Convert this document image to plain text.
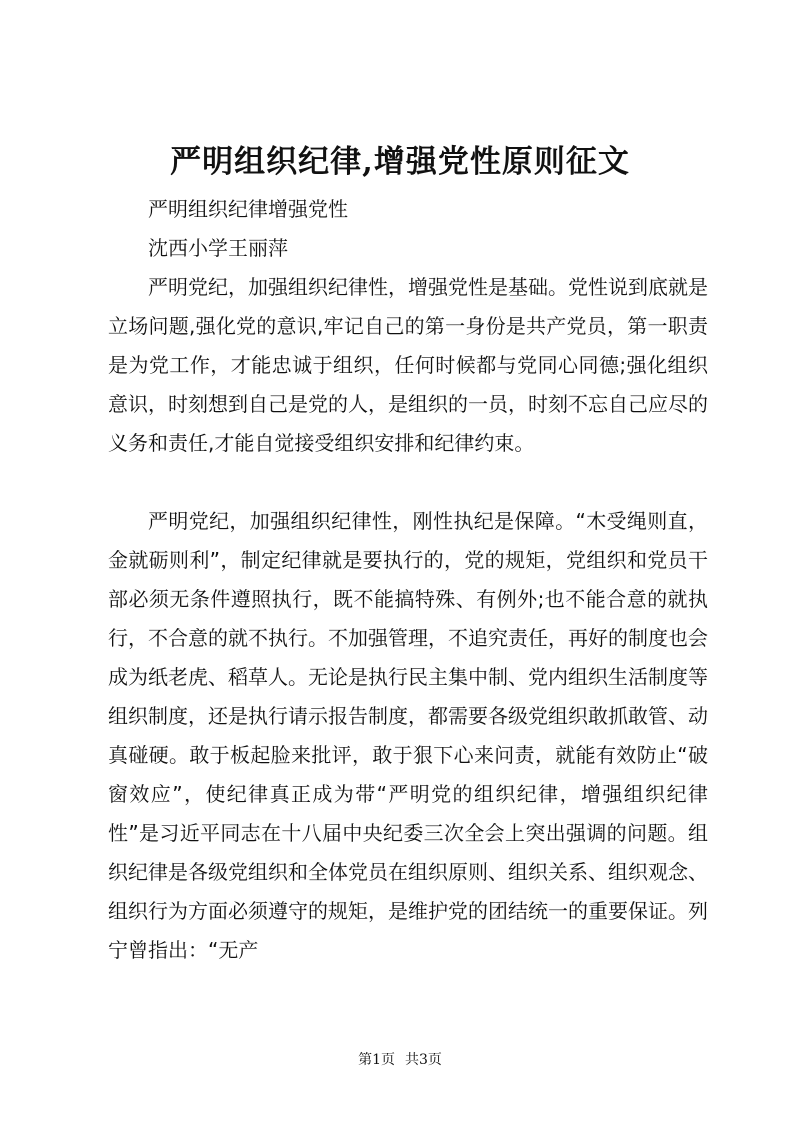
严明组织纪律,增强党性原则征文

严明组织纪律增强党性

沈西小学王丽萍

严明党纪，加强组织纪律性，增强党性是基础。党性说到底就是立场问题,强化党的意识,牢记自己的第一身份是共产党员，第一职责是为党工作，才能忠诚于组织，任何时候都与党同心同德;强化组织意识，时刻想到自己是党的人，是组织的一员，时刻不忘自己应尽的义务和责任,才能自觉接受组织安排和纪律约束。

严明党纪，加强组织纪律性，刚性执纪是保障。“木受绳则直，金就砺则利”，制定纪律就是要执行的，党的规矩，党组织和党员干部必须无条件遵照执行，既不能搞特殊、有例外;也不能合意的就执行，不合意的就不执行。不加强管理，不追究责任，再好的制度也会成为纸老虎、稻草人。无论是执行民主集中制、党内组织生活制度等组织制度，还是执行请示报告制度，都需要各级党组织敢抓敢管、动真碰硬。敢于板起脸来批评，敢于狠下心来问责，就能有效防止“破窗效应”，使纪律真正成为带“严明党的组织纪律，增强组织纪律性”是习近平同志在十八届中央纪委三次全会上突出强调的问题。组织纪律是各级党组织和全体党员在组织原则、组织关系、组织观念、组织行为方面必须遵守的规矩，是维护党的团结统一的重要保证。列宁曾指出：“无产

第1页 共3页
